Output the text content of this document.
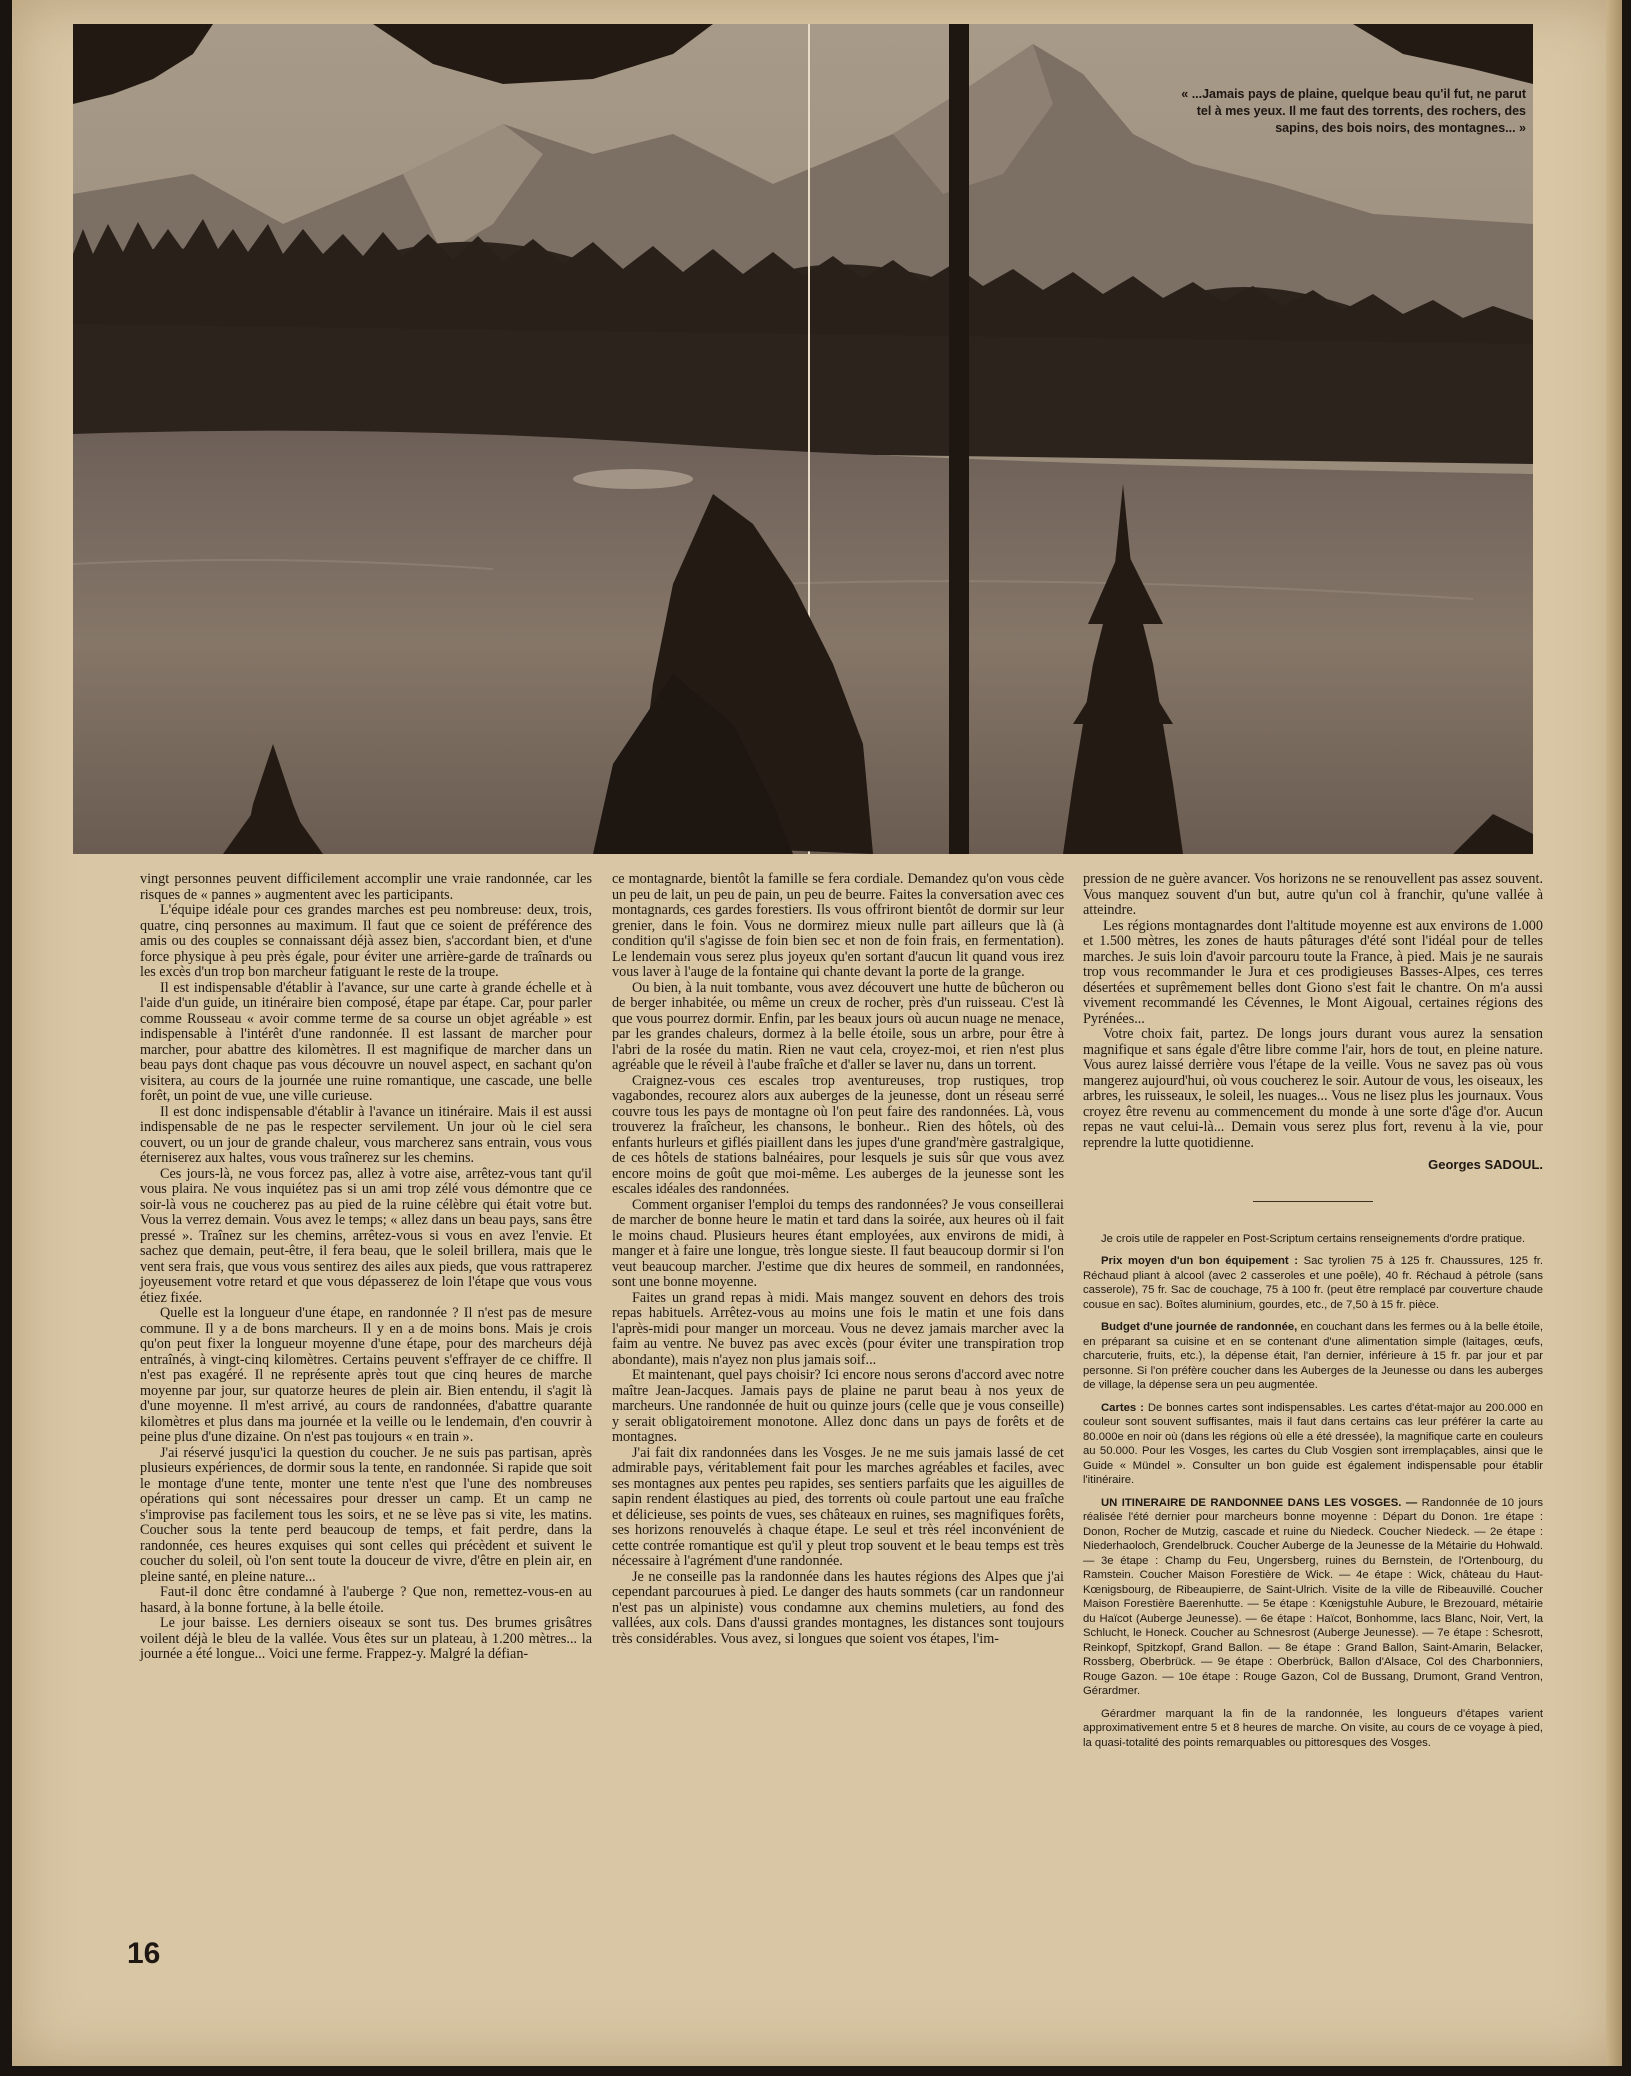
« ...Jamais pays de plaine, quelque beau qu'il fut, ne parut tel à mes yeux. Il me faut des torrents, des rochers, des sapins, des bois noirs, des montagnes... »

vingt personnes peuvent difficilement accomplir une vraie randonnée, car les risques de « pannes » augmentent avec les participants.

L'équipe idéale pour ces grandes marches est peu nombreuse: deux, trois, quatre, cinq personnes au maximum. Il faut que ce soient de préférence des amis ou des couples se connaissant déjà assez bien, s'accordant bien, et d'une force physique à peu près égale, pour éviter une arrière-garde de traînards ou les excès d'un trop bon marcheur fatiguant le reste de la troupe.

Il est indispensable d'établir à l'avance, sur une carte à grande échelle et à l'aide d'un guide, un itinéraire bien composé, étape par étape. Car, pour parler comme Rousseau « avoir comme terme de sa course un objet agréable » est indispensable à l'intérêt d'une randonnée. Il est lassant de marcher pour marcher, pour abattre des kilomètres. Il est magnifique de marcher dans un beau pays dont chaque pas vous découvre un nouvel aspect, en sachant qu'on visitera, au cours de la journée une ruine romantique, une cascade, une belle forêt, un point de vue, une ville curieuse.

Il est donc indispensable d'établir à l'avance un itinéraire. Mais il est aussi indispensable de ne pas le respecter servilement. Un jour où le ciel sera couvert, ou un jour de grande chaleur, vous marcherez sans entrain, vous vous éterniserez aux haltes, vous vous traînerez sur les chemins.

Ces jours-là, ne vous forcez pas, allez à votre aise, arrêtez-vous tant qu'il vous plaira. Ne vous inquiétez pas si un ami trop zélé vous démontre que ce soir-là vous ne coucherez pas au pied de la ruine célèbre qui était votre but. Vous la verrez demain. Vous avez le temps; « allez dans un beau pays, sans être pressé ». Traînez sur les chemins, arrêtez-vous si vous en avez l'envie. Et sachez que demain, peut-être, il fera beau, que le soleil brillera, mais que le vent sera frais, que vous vous sentirez des ailes aux pieds, que vous rattraperez joyeusement votre retard et que vous dépasserez de loin l'étape que vous vous étiez fixée.

Quelle est la longueur d'une étape, en randonnée ? Il n'est pas de mesure commune. Il y a de bons marcheurs. Il y en a de moins bons. Mais je crois qu'on peut fixer la longueur moyenne d'une étape, pour des marcheurs déjà entraînés, à vingt-cinq kilomètres. Certains peuvent s'effrayer de ce chiffre. Il n'est pas exagéré. Il ne représente après tout que cinq heures de marche moyenne par jour, sur quatorze heures de plein air. Bien entendu, il s'agit là d'une moyenne. Il m'est arrivé, au cours de randonnées, d'abattre quarante kilomètres et plus dans ma journée et la veille ou le lendemain, d'en couvrir à peine plus d'une dizaine. On n'est pas toujours « en train ».

J'ai réservé jusqu'ici la question du coucher. Je ne suis pas partisan, après plusieurs expériences, de dormir sous la tente, en randonnée. Si rapide que soit le montage d'une tente, monter une tente n'est que l'une des nombreuses opérations qui sont nécessaires pour dresser un camp. Et un camp ne s'improvise pas facilement tous les soirs, et ne se lève pas si vite, les matins. Coucher sous la tente perd beaucoup de temps, et fait perdre, dans la randonnée, ces heures exquises qui sont celles qui précèdent et suivent le coucher du soleil, où l'on sent toute la douceur de vivre, d'être en plein air, en pleine santé, en pleine nature...

Faut-il donc être condamné à l'auberge ? Que non, remettez-vous-en au hasard, à la bonne fortune, à la belle étoile.

Le jour baisse. Les derniers oiseaux se sont tus. Des brumes grisâtres voilent déjà le bleu de la vallée. Vous êtes sur un plateau, à 1.200 mètres... la journée a été longue... Voici une ferme. Frappez-y. Malgré la défian-

ce montagnarde, bientôt la famille se fera cordiale. Demandez qu'on vous cède un peu de lait, un peu de pain, un peu de beurre. Faites la conversation avec ces montagnards, ces gardes forestiers. Ils vous offriront bientôt de dormir sur leur grenier, dans le foin. Vous ne dormirez mieux nulle part ailleurs que là (à condition qu'il s'agisse de foin bien sec et non de foin frais, en fermentation). Le lendemain vous serez plus joyeux qu'en sortant d'aucun lit quand vous irez vous laver à l'auge de la fontaine qui chante devant la porte de la grange.

Ou bien, à la nuit tombante, vous avez découvert une hutte de bûcheron ou de berger inhabitée, ou même un creux de rocher, près d'un ruisseau. C'est là que vous pourrez dormir. Enfin, par les beaux jours où aucun nuage ne menace, par les grandes chaleurs, dormez à la belle étoile, sous un arbre, pour être à l'abri de la rosée du matin. Rien ne vaut cela, croyez-moi, et rien n'est plus agréable que le réveil à l'aube fraîche et d'aller se laver nu, dans un torrent.

Craignez-vous ces escales trop aventureuses, trop rustiques, trop vagabondes, recourez alors aux auberges de la jeunesse, dont un réseau serré couvre tous les pays de montagne où l'on peut faire des randonnées. Là, vous trouverez la fraîcheur, les chansons, le bonheur.. Rien des hôtels, où des enfants hurleurs et giflés piaillent dans les jupes d'une grand'mère gastralgique, de ces hôtels de stations balnéaires, pour lesquels je suis sûr que vous avez encore moins de goût que moi-même. Les auberges de la jeunesse sont les escales idéales des randonnées.

Comment organiser l'emploi du temps des randonnées? Je vous conseillerai de marcher de bonne heure le matin et tard dans la soirée, aux heures où il fait le moins chaud. Plusieurs heures étant employées, aux environs de midi, à manger et à faire une longue, très longue sieste. Il faut beaucoup dormir si l'on veut beaucoup marcher. J'estime que dix heures de sommeil, en randonnées, sont une bonne moyenne.

Faites un grand repas à midi. Mais mangez souvent en dehors des trois repas habituels. Arrêtez-vous au moins une fois le matin et une fois dans l'après-midi pour manger un morceau. Vous ne devez jamais marcher avec la faim au ventre. Ne buvez pas avec excès (pour éviter une transpiration trop abondante), mais n'ayez non plus jamais soif...

Et maintenant, quel pays choisir? Ici encore nous serons d'accord avec notre maître Jean-Jacques. Jamais pays de plaine ne parut beau à nos yeux de marcheurs. Une randonnée de huit ou quinze jours (celle que je vous conseille) y serait obligatoirement monotone. Allez donc dans un pays de forêts et de montagnes.

J'ai fait dix randonnées dans les Vosges. Je ne me suis jamais lassé de cet admirable pays, véritablement fait pour les marches agréables et faciles, avec ses montagnes aux pentes peu rapides, ses sentiers parfaits que les aiguilles de sapin rendent élastiques au pied, des torrents où coule partout une eau fraîche et délicieuse, ses points de vues, ses châteaux en ruines, ses magnifiques forêts, ses horizons renouvelés à chaque étape. Le seul et très réel inconvénient de cette contrée romantique est qu'il y pleut trop souvent et le beau temps est très nécessaire à l'agrément d'une randonnée.

Je ne conseille pas la randonnée dans les hautes régions des Alpes que j'ai cependant parcourues à pied. Le danger des hauts sommets (car un randonneur n'est pas un alpiniste) vous condamne aux chemins muletiers, au fond des vallées, aux cols. Dans d'aussi grandes montagnes, les distances sont toujours très considérables. Vous avez, si longues que soient vos étapes, l'im-

pression de ne guère avancer. Vos horizons ne se renouvellent pas assez souvent. Vous manquez souvent d'un but, autre qu'un col à franchir, qu'une vallée à atteindre.

Les régions montagnardes dont l'altitude moyenne est aux environs de 1.000 et 1.500 mètres, les zones de hauts pâturages d'été sont l'idéal pour de telles marches. Je suis loin d'avoir parcouru toute la France, à pied. Mais je ne saurais trop vous recommander le Jura et ces prodigieuses Basses-Alpes, ces terres désertées et suprêmement belles dont Giono s'est fait le chantre. On m'a aussi vivement recommandé les Cévennes, le Mont Aigoual, certaines régions des Pyrénées...

Votre choix fait, partez. De longs jours durant vous aurez la sensation magnifique et sans égale d'être libre comme l'air, hors de tout, en pleine nature. Vous aurez laissé derrière vous l'étape de la veille. Vous ne savez pas où vous mangerez aujourd'hui, où vous coucherez le soir. Autour de vous, les oiseaux, les arbres, les ruisseaux, le soleil, les nuages... Vous ne lisez plus les journaux. Vous croyez être revenu au commencement du monde à une sorte d'âge d'or. Aucun repas ne vaut celui-là... Demain vous serez plus fort, revenu à la vie, pour reprendre la lutte quotidienne.

Georges SADOUL.

Je crois utile de rappeler en Post-Scriptum certains renseignements d'ordre pratique.

Prix moyen d'un bon équipement : Sac tyrolien 75 à 125 fr. Chaussures, 125 fr. Réchaud pliant à alcool (avec 2 casseroles et une poêle), 40 fr. Réchaud à pétrole (sans casserole), 75 fr. Sac de couchage, 75 à 100 fr. (peut être remplacé par couverture chaude cousue en sac). Boîtes aluminium, gourdes, etc., de 7,50 à 15 fr. pièce.

Budget d'une journée de randonnée, en couchant dans les fermes ou à la belle étoile, en préparant sa cuisine et en se contenant d'une alimentation simple (laitages, œufs, charcuterie, fruits, etc.), la dépense était, l'an dernier, inférieure à 15 fr. par jour et par personne. Si l'on préfère coucher dans les Auberges de la Jeunesse ou dans les auberges de village, la dépense sera un peu augmentée.

Cartes : De bonnes cartes sont indispensables. Les cartes d'état-major au 200.000 en couleur sont souvent suffisantes, mais il faut dans certains cas leur préférer la carte au 80.000e en noir où (dans les régions où elle a été dressée), la magnifique carte en couleurs au 50.000. Pour les Vosges, les cartes du Club Vosgien sont irremplaçables, ainsi que le Guide « Mündel ». Consulter un bon guide est également indispensable pour établir l'itinéraire.

UN ITINERAIRE DE RANDONNEE DANS LES VOSGES. — Randonnée de 10 jours réalisée l'été dernier pour marcheurs bonne moyenne : Départ du Donon. 1re étape : Donon, Rocher de Mutzig, cascade et ruine du Niedeck. Coucher Niedeck. — 2e étape : Niederhaoloch, Grendelbruck. Coucher Auberge de la Jeunesse de la Métairie du Hohwald. — 3e étape : Champ du Feu, Ungersberg, ruines du Bernstein, de l'Ortenbourg, du Ramstein. Coucher Maison Forestière de Wick. — 4e étape : Wick, château du Haut-Kœnigsbourg, de Ribeaupierre, de Saint-Ulrich. Visite de la ville de Ribeauvillé. Coucher Maison Forestière Baerenhutte. — 5e étape : Kœnigstuhle Aubure, le Brezouard, métairie du Haïcot (Auberge Jeunesse). — 6e étape : Haïcot, Bonhomme, lacs Blanc, Noir, Vert, la Schlucht, le Honeck. Coucher au Schnesrost (Auberge Jeunesse). — 7e étape : Schesrott, Reinkopf, Spitzkopf, Grand Ballon. — 8e étape : Grand Ballon, Saint-Amarin, Belacker, Rossberg, Oberbrück. — 9e étape : Oberbrück, Ballon d'Alsace, Col des Charbonniers, Rouge Gazon. — 10e étape : Rouge Gazon, Col de Bussang, Drumont, Grand Ventron, Gérardmer.

Gérardmer marquant la fin de la randonnée, les longueurs d'étapes varient approximativement entre 5 et 8 heures de marche. On visite, au cours de ce voyage à pied, la quasi-totalité des points remarquables ou pittoresques des Vosges.

16
